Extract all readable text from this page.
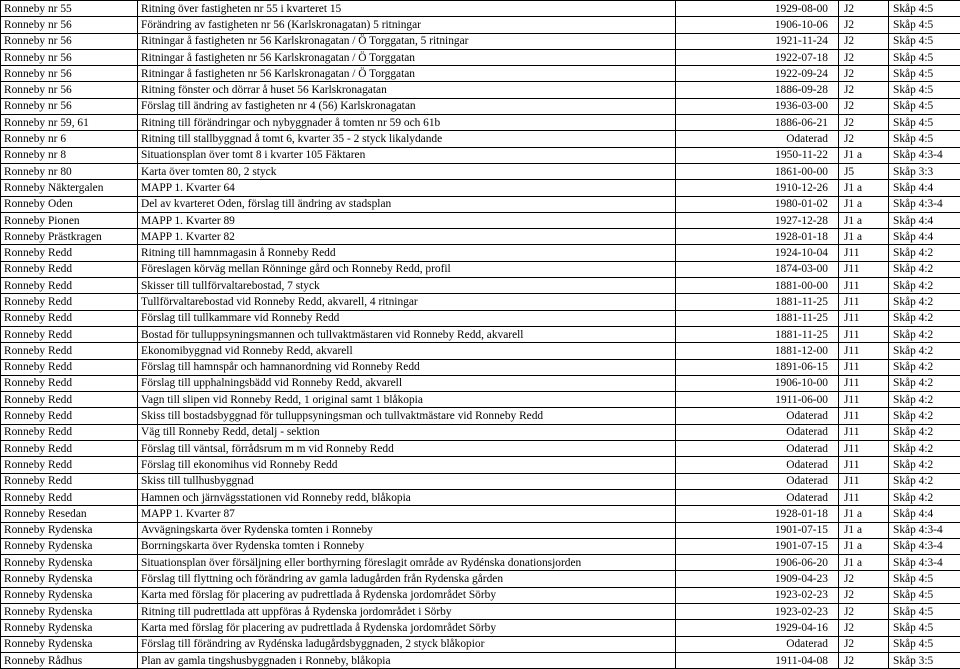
Ronneby nr 55	Ritning över fastigheten nr 55 i kvarteret 15	1929-08-00	J2	Skåp 4:5
Ronneby nr 56	Förändring av fastigheten nr 56 (Karlskronagatan) 5 ritningar	1906-10-06	J2	Skåp 4:5
Ronneby nr 56	Ritningar å fastigheten nr 56 Karlskronagatan / Ö Torggatan, 5 ritningar	1921-11-24	J2	Skåp 4:5
Ronneby nr 56	Ritningar å fastigheten nr 56 Karlskronagatan / Ö Torggatan	1922-07-18	J2	Skåp 4:5
Ronneby nr 56	Ritningar å fastigheten nr 56 Karlskronagatan / Ö Torggatan	1922-09-24	J2	Skåp 4:5
Ronneby nr 56	Ritning fönster och dörrar å huset 56 Karlskronagatan	1886-09-28	J2	Skåp 4:5
Ronneby nr 56	Förslag till ändring av fastigheten nr 4 (56) Karlskronagatan	1936-03-00	J2	Skåp 4:5
Ronneby nr 59, 61	Ritning till förändringar och nybyggnader å tomten nr 59 och 61b	1886-06-21	J2	Skåp 4:5
Ronneby nr 6	Ritning till stallbyggnad å tomt 6, kvarter 35 - 2 styck likalydande	Odaterad	J2	Skåp 4:5
Ronneby nr 8	Situationsplan över tomt 8 i kvarter 105 Fäktaren	1950-11-22	J1 a	Skåp 4:3-4
Ronneby nr 80	Karta över tomten 80, 2 styck	1861-00-00	J5	Skåp 3:3
Ronneby Näktergalen	MAPP 1. Kvarter 64	1910-12-26	J1 a	Skåp 4:4
Ronneby Oden	Del av kvarteret Oden, förslag till ändring av stadsplan	1980-01-02	J1 a	Skåp 4:3-4
Ronneby Pionen	MAPP 1. Kvarter 89	1927-12-28	J1 a	Skåp 4:4
Ronneby Prästkragen	MAPP 1. Kvarter 82	1928-01-18	J1 a	Skåp 4:4
Ronneby Redd	Ritning till hamnmagasin å Ronneby Redd	1924-10-04	J11	Skåp 4:2
Ronneby Redd	Föreslagen körväg mellan Rönninge gård och Ronneby Redd, profil	1874-03-00	J11	Skåp 4:2
Ronneby Redd	Skisser till tullförvaltarebostad, 7 styck	1881-00-00	J11	Skåp 4:2
Ronneby Redd	Tullförvaltarebostad vid Ronneby Redd, akvarell, 4 ritningar	1881-11-25	J11	Skåp 4:2
Ronneby Redd	Förslag till tullkammare vid Ronneby Redd	1881-11-25	J11	Skåp 4:2
Ronneby Redd	Bostad för tulluppsyningsmannen och tullvaktmästaren vid Ronneby Redd, akvarell	1881-11-25	J11	Skåp 4:2
Ronneby Redd	Ekonomibyggnad vid Ronneby Redd, akvarell	1881-12-00	J11	Skåp 4:2
Ronneby Redd	Förslag till hamnspår och hamnanordning vid Ronneby Redd	1891-06-15	J11	Skåp 4:2
Ronneby Redd	Förslag till upphalningsbädd vid Ronneby Redd, akvarell	1906-10-00	J11	Skåp 4:2
Ronneby Redd	Vagn till slipen vid Ronneby Redd, 1 original samt 1 blåkopia	1911-06-00	J11	Skåp 4:2
Ronneby Redd	Skiss till bostadsbyggnad för tulluppsyningsman och tullvaktmästare vid Ronneby Redd	Odaterad	J11	Skåp 4:2
Ronneby Redd	Väg till Ronneby Redd, detalj - sektion	Odaterad	J11	Skåp 4:2
Ronneby Redd	Förslag till väntsal, förrådsrum m m vid Ronneby Redd	Odaterad	J11	Skåp 4:2
Ronneby Redd	Förslag till ekonomihus vid Ronneby Redd	Odaterad	J11	Skåp 4:2
Ronneby Redd	Skiss till tullhusbyggnad	Odaterad	J11	Skåp 4:2
Ronneby Redd	Hamnen och järnvägsstationen vid Ronneby redd, blåkopia	Odaterad	J11	Skåp 4:2
Ronneby Resedan	MAPP 1. Kvarter 87	1928-01-18	J1 a	Skåp 4:4
Ronneby Rydenska	Avvägningskarta över Rydenska tomten i Ronneby	1901-07-15	J1 a	Skåp 4:3-4
Ronneby Rydenska	Borrningskarta över Rydenska tomten i Ronneby	1901-07-15	J1 a	Skåp 4:3-4
Ronneby Rydenska	Situationsplan över försäljning eller borthyrning föreslagit område av Rydénska donationsjorden	1906-06-20	J1 a	Skåp 4:3-4
Ronneby Rydenska	Förslag till flyttning och förändring av gamla ladugården från Rydenska gården	1909-04-23	J2	Skåp 4:5
Ronneby Rydenska	Karta med förslag för placering av pudrettlada å Rydenska jordområdet Sörby	1923-02-23	J2	Skåp 4:5
Ronneby Rydenska	Ritning till pudrettlada att uppföras å Rydenska jordområdet i Sörby	1923-02-23	J2	Skåp 4:5
Ronneby Rydenska	Karta med förslag för placering av pudrettlada å Rydenska jordområdet Sörby	1929-04-16	J2	Skåp 4:5
Ronneby Rydenska	Förslag till förändring av Rydénska ladugårdsbyggnaden, 2 styck blåkopior	Odaterad	J2	Skåp 4:5
Ronneby Rådhus	Plan av gamla tingshusbyggnaden i Ronneby, blåkopia	1911-04-08	J2	Skåp 3:5
